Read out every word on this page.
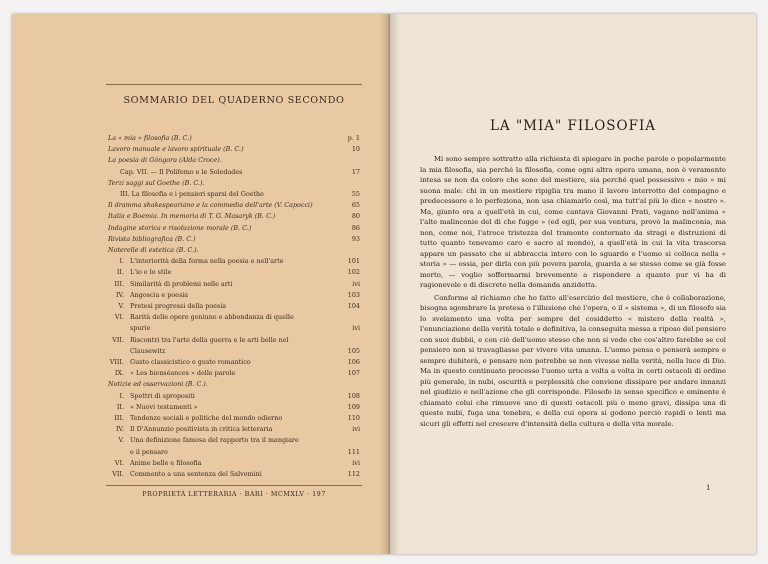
SOMMARIO DEL QUADERNO SECONDO
La « mia » filosofia (B. C.)	p. 1
Lavoro manuale e lavoro spirituale (B. C.)	10
La poesia di Góngora (Alda Croce).
Cap. VII. — Il Polifemo e le Soledades	17
Terzi saggi sul Goethe (B. C.).
III. La filosofia e i pensieri sparsi del Goethe	55
Il dramma shakespeariano e la commedia dell'arte (V. Capocci)	65
Italia e Boemia. In memoria di T. G. Masaryk (B. C.)	80
Indagine storica e risoluzione morale (B. C.)	86
Rivista bibliografica (B. C.)	93
Noterelle di estetica (B. C.).
I. L'interiorità della forma nella poesia e nell'arte	101
II. L'io e lo stile	102
III. Similarità di problemi nelle arti	ivi
IV. Angoscia e poesia	103
V. Pretesi progressi della poesia	104
VI. Rarità delle opere geniune e abbondanza di quelle
spurie	ivi
VII. Riscontri tra l'arte della guerra e le arti belle nel
Clausewitz	105
VIII. Gusto classicistico e gusto romantico	106
IX. « Les bienséances » delle parole	107
Notizie ed osservazioni (B. C.).
I. Spettri di spropositi	108
II. « Nuovi testamenti »	109
III. Tendenze sociali e politiche del mondo odierno	110
IV. Il D'Annunzio positivista in critica letteraria	ivi
V. Una definizione famosa del rapporto tra il mangiare
e il pensare	111
VI. Anime belle e filosofia	ivi
VII. Commento a una sentenza del Salvemini	112
PROPRIETÀ LETTERARIA · BARI · MCMXLV · 197
LA "MIA" FILOSOFIA

Mi sono sempre sottratto alla richiesta di spiegare in poche parole o popolarmente la mia filosofia, sia perché la filosofia, come ogni altra opera umana, non è veramente intesa se non da coloro che sono del mestiere, sia perché quel possessivo « mio » mi suona male: chi in un mestiere ripiglia tra mano il lavoro interrotto del compagno e predecessore e lo perfeziona, non usa chiamarlo così, ma tutt'al più lo dice « nostro ». Ma, giunto ora a quell'età in cui, come cantava Giovanni Prati, vagano nell'anima « l'alte malinconie del di che fugge » (ed egli, per sua ventura, provò la malinconia, ma non, come noi, l'atroce tristezza del tramonto contornato da stragi e distruzioni di tutto quanto tenevamo caro e sacro al mondo), a quell'età in cui la vita trascorsa appare un passato che si abbraccia intero con lo sguardo e l'uomo si colloca nella « storia » — ossia, per dirla con più povera parola, guarda a se stesso come se già fosse morto, — voglio soffermarmi brevemente a rispondere a quanto pur vi ha di ragionevole e di discreto nella domanda anzidetta.

Conforme al richiamo che ho fatto all'esercizio del mestiere, che è collaborazione, bisogna sgombrare la pretesa o l'illusione che l'opera, o il « sistema », di un filosofo sia lo svelamento una volta per sempre del cosiddetto « mistero della realtà », l'enunciazione della verità totale e definitiva, la conseguita messa a riposo del pensiero con suoi dubbii, e con ciò dell'uomo stesso che non si vede che cos'altro farebbe se col pensiero non si travagliasse per vivere vita umana. L'uomo pensa e penserà sempre e sempre dubiterà, e pensare non potrebbe se non vivesse nella verità, nella luce di Dio. Ma in questo continuato processo l'uomo urta a volta a volta in certi ostacoli di ordine più generale, in nubi, oscurità e perplessità che conviene dissipare per andare innanzi nel giudizio e nell'azione che gli corrisponde. Filosofo in senso specifico e eminente è chiamato colui che rimuove uno di questi ostacoli più o meno gravi, dissipa una di queste nubi, fuga una tenebra, e della cui opera si godono perciò rapidi o lenti ma sicuri gli effetti nel crescere d'intensità della cultura e della vita morale.

1
